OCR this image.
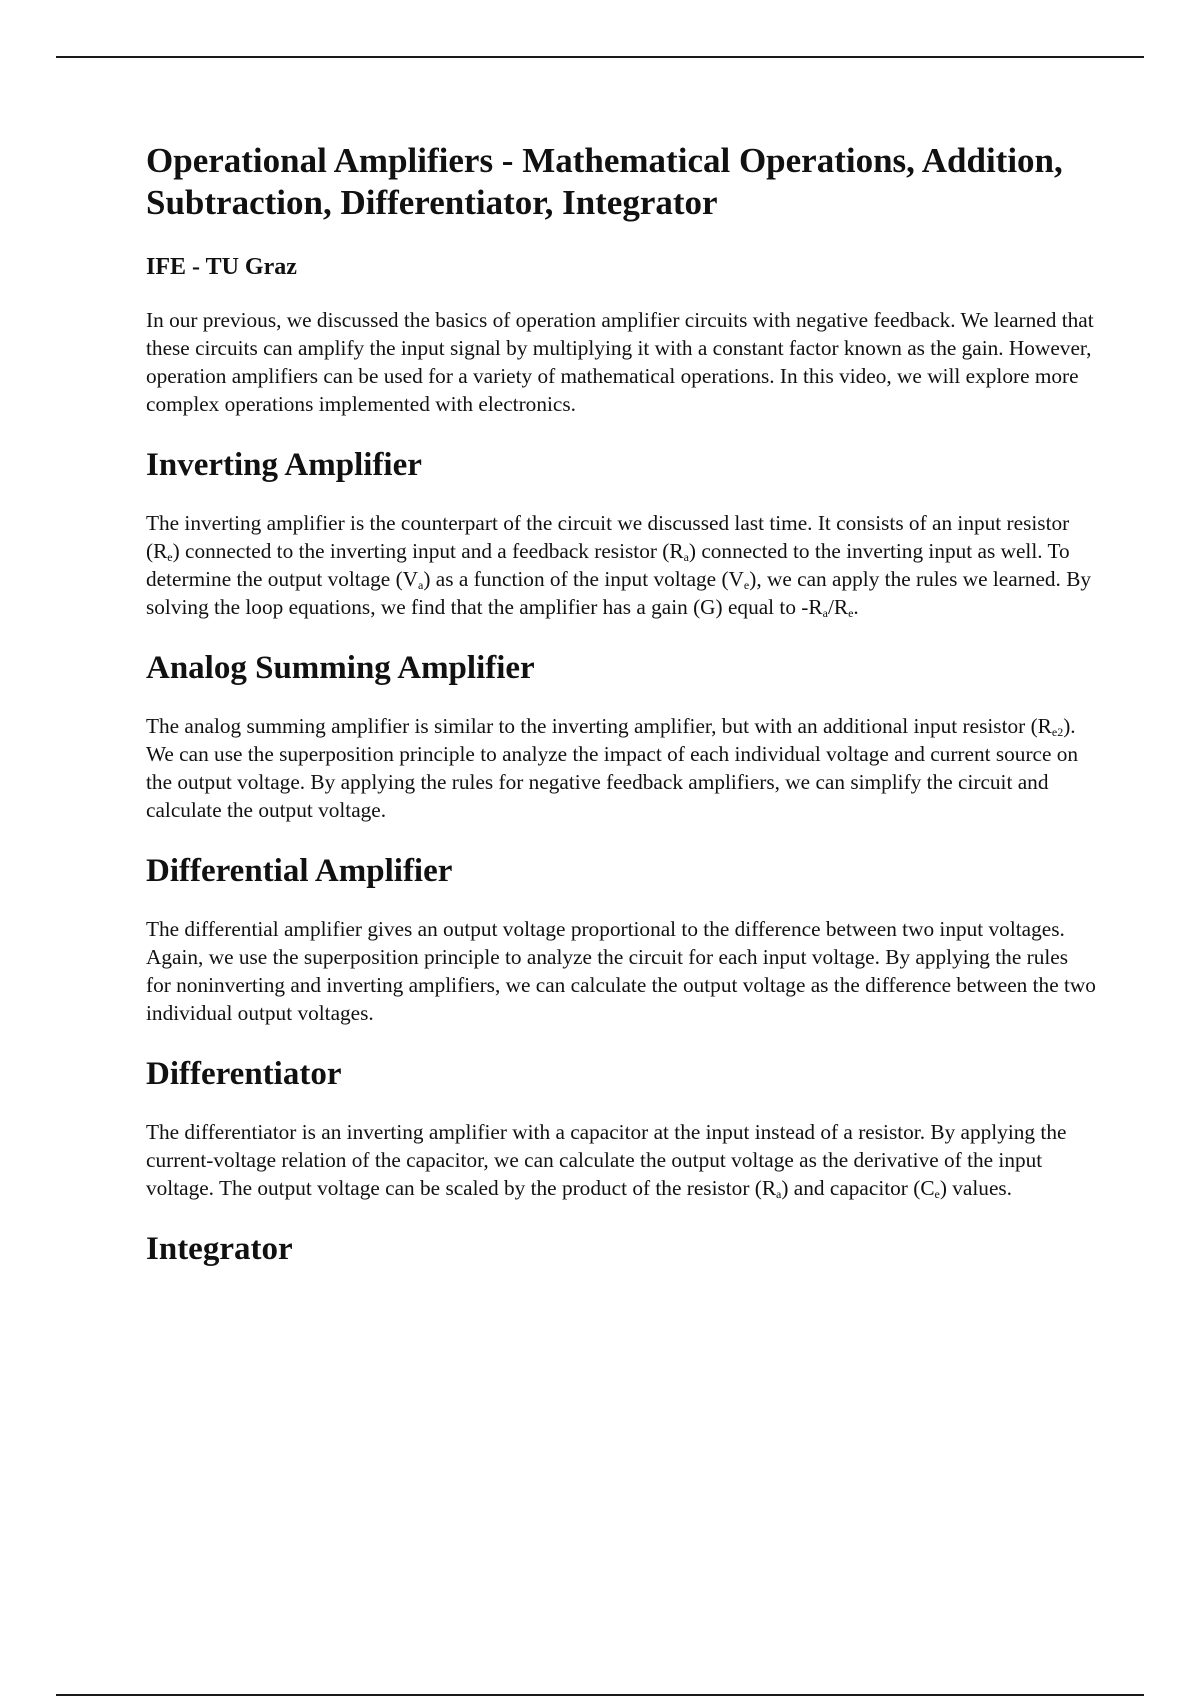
Operational Amplifiers - Mathematical Operations, Addition, Subtraction, Differentiator, Integrator
IFE - TU Graz

In our previous, we discussed the basics of operation amplifier circuits with negative feedback. We learned that these circuits can amplify the input signal by multiplying it with a constant factor known as the gain. However, operation amplifiers can be used for a variety of mathematical operations. In this video, we will explore more complex operations implemented with electronics.

Inverting Amplifier

The inverting amplifier is the counterpart of the circuit we discussed last time. It consists of an input resistor $(R_e)$ connected to the inverting input and a feedback resistor $(R_a)$ connected to the inverting input as well. To determine the output voltage $(V_a)$ as a function of the input voltage $(V_e)$, we can apply the rules we learned. By solving the loop equations, we find that the amplifier has a gain (G) equal to $-R_a/R_e$.

Analog Summing Amplifier

The analog summing amplifier is similar to the inverting amplifier, but with an additional input resistor $(R_{e2})$. We can use the superposition principle to analyze the impact of each individual voltage and current source on the output voltage. By applying the rules for negative feedback amplifiers, we can simplify the circuit and calculate the output voltage.

Differential Amplifier

The differential amplifier gives an output voltage proportional to the difference between two input voltages. Again, we use the superposition principle to analyze the circuit for each input voltage. By applying the rules for noninverting and inverting amplifiers, we can calculate the output voltage as the difference between the two individual output voltages.

Differentiator

The differentiator is an inverting amplifier with a capacitor at the input instead of a resistor. By applying the current-voltage relation of the capacitor, we can calculate the output voltage as the derivative of the input voltage. The output voltage can be scaled by the product of the resistor $(R_a)$ and capacitor $(C_e)$ values.

Integrator
